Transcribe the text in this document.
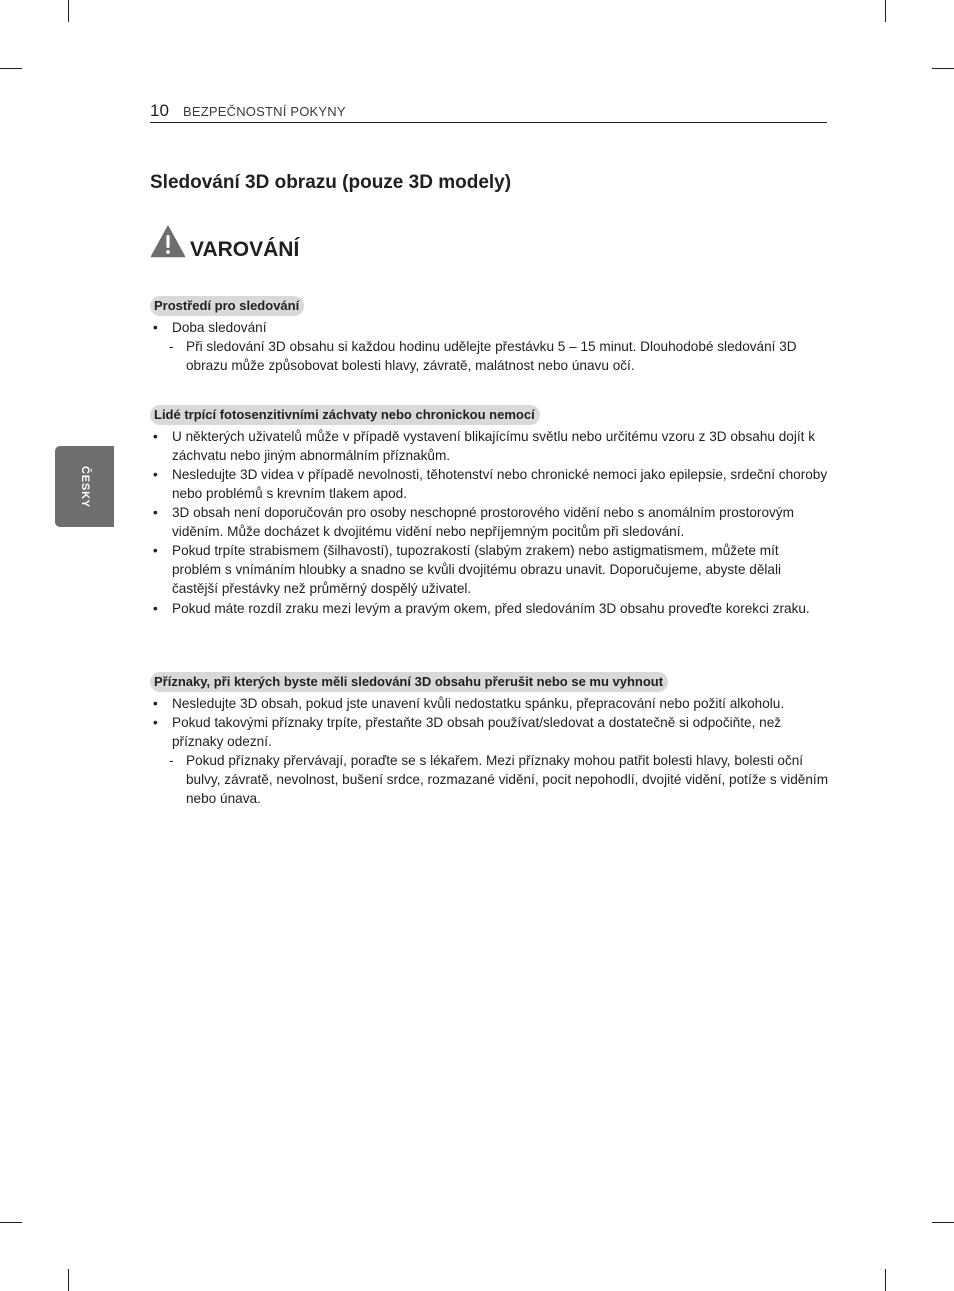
10 BEZPEČNOSTNÍ POKYNY
ČESKY
Sledování 3D obrazu (pouze 3D modely)
VAROVÁNÍ
Prostředí pro sledování
• Doba sledování
- Při sledování 3D obsahu si každou hodinu udělejte přestávku 5 – 15 minut. Dlouhodobé sledování 3D obrazu může způsobovat bolesti hlavy, závratě, malátnost nebo únavu očí.
Lidé trpící fotosenzitivními záchvaty nebo chronickou nemocí
• U některých uživatelů může v případě vystavení blikajícímu světlu nebo určitému vzoru z 3D obsahu dojít k záchvatu nebo jiným abnormálním příznakům.
• Nesledujte 3D videa v případě nevolnosti, těhotenství nebo chronické nemoci jako epilepsie, srdeční choroby nebo problémů s krevním tlakem apod.
• 3D obsah není doporučován pro osoby neschopné prostorového vidění nebo s anomálním prostorovým viděním. Může docházet k dvojitému vidění nebo nepříjemným pocitům při sledování.
• Pokud trpíte strabismem (šilhavostí), tupozrakostí (slabým zrakem) nebo astigmatismem, můžete mít problém s vnímáním hloubky a snadno se kvůli dvojitému obrazu unavit. Doporučujeme, abyste dělali častější přestávky než průměrný dospělý uživatel.
• Pokud máte rozdíl zraku mezi levým a pravým okem, před sledováním 3D obsahu proveďte korekci zraku.
Příznaky, při kterých byste měli sledování 3D obsahu přerušit nebo se mu vyhnout
• Nesledujte 3D obsah, pokud jste unavení kvůli nedostatku spánku, přepracování nebo požití alkoholu.
• Pokud takovými příznaky trpíte, přestaňte 3D obsah používat/sledovat a dostatečně si odpočiňte, než příznaky odezní.
- Pokud příznaky přervávají, poraďte se s lékařem. Mezi příznaky mohou patřit bolesti hlavy, bolesti oční bulvy, závratě, nevolnost, bušení srdce, rozmazané vidění, pocit nepohodlí, dvojité vidění, potíže s viděním nebo únava.
